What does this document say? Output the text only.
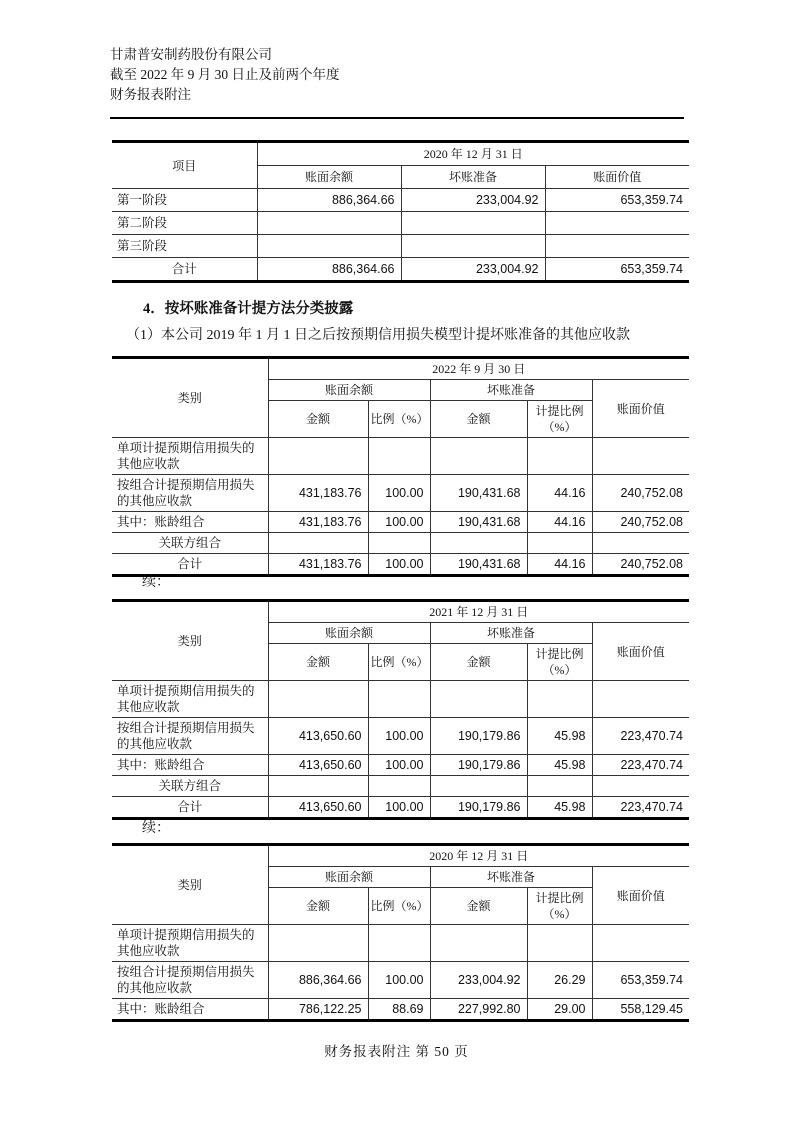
甘肃普安制药股份有限公司
截至 2022 年 9 月 30 日止及前两个年度
财务报表附注
项目	2020 年 12 月 31 日		
	账面余额	坏账准备	账面价值
第一阶段	886,364.66	233,004.92	653,359.74
第二阶段			
第三阶段			
合计	886,364.66	233,004.92	653,359.74
4．按坏账准备计提方法分类披露
（1）本公司 2019 年 1 月 1 日之后按预期信用损失模型计提坏账准备的其他应收款
类别	2022 年 9 月 30 日				
	账面余额		坏账准备		账面价值
	金额	比例（%）	金额	计提比例（%）	
单项计提预期信用损失的其他应收款					
按组合计提预期信用损失的其他应收款	431,183.76	100.00	190,431.68	44.16	240,752.08
其中：账龄组合	431,183.76	100.00	190,431.68	44.16	240,752.08
关联方组合					
合计	431,183.76	100.00	190,431.68	44.16	240,752.08
续：
类别	2021 年 12 月 31 日				
	账面余额		坏账准备		账面价值
	金额	比例（%）	金额	计提比例（%）	
单项计提预期信用损失的其他应收款					
按组合计提预期信用损失的其他应收款	413,650.60	100.00	190,179.86	45.98	223,470.74
其中：账龄组合	413,650.60	100.00	190,179.86	45.98	223,470.74
关联方组合					
合计	413,650.60	100.00	190,179.86	45.98	223,470.74
续：
类别	2020 年 12 月 31 日				
	账面余额		坏账准备		账面价值
	金额	比例（%）	金额	计提比例（%）	
单项计提预期信用损失的其他应收款					
按组合计提预期信用损失的其他应收款	886,364.66	100.00	233,004.92	26.29	653,359.74
其中：账龄组合	786,122.25	88.69	227,992.80	29.00	558,129.45
财务报表附注 第 50 页
